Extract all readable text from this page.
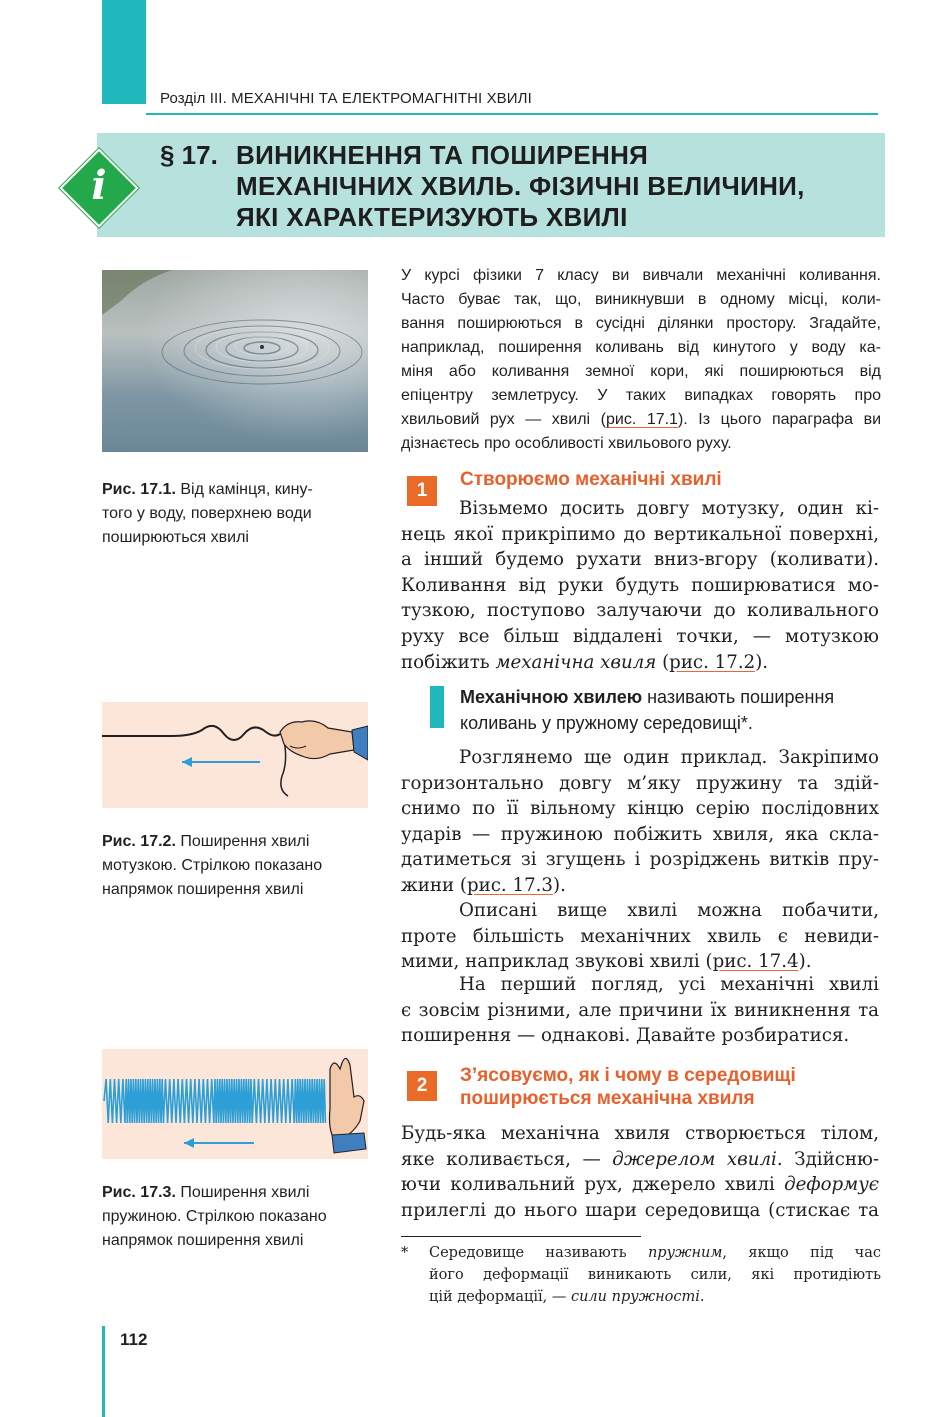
Розділ III. МЕХАНІЧНІ ТА ЕЛЕКТРОМАГНІТНІ ХВИЛІ
i
§ 17. ВИНИКНЕННЯ ТА ПОШИРЕННЯ
МЕХАНІЧНИХ ХВИЛЬ. ФІЗИЧНІ ВЕЛИЧИНИ,
ЯКІ ХАРАКТЕРИЗУЮТЬ ХВИЛІ
Рис. 17.1. Від камінця, кину-
того у воду, поверхнею води
поширюються хвилі
Рис. 17.2. Поширення хвилі
мотузкою. Стрілкою показано
напрямок поширення хвилі
Рис. 17.3. Поширення хвилі
пружиною. Стрілкою показано
напрямок поширення хвилі
У курсі фізики 7 класу ви вивчали механічні коливання.
Часто буває так, що, виникнувши в одному місці, коли-
вання поширюються в сусідні ділянки простору. Згадайте,
наприклад, поширення коливань від кинутого у воду ка-
міня або коливання земної кори, які поширюються від
епіцентру землетрусу. У таких випадках говорять про
хвильовий рух — хвилі (рис. 17.1). Із цього параграфа ви
дізнаєтесь про особливості хвильового руху.
1
Створюємо механічні хвилі
Візьмемо досить довгу мотузку, один кі-
нець якої прикріпимо до вертикальної поверхні,
а інший будемо рухати вниз-вгору (коливати).
Коливання від руки будуть поширюватися мо-
тузкою, поступово залучаючи до коливального
руху все більш віддалені точки, — мотузкою
побіжить механічна хвиля (рис. 17.2).
Механічною хвилею називають поширення
коливань у пружному середовищі*.
Розглянемо ще один приклад. Закріпимо
горизонтально довгу м’яку пружину та здій-
снимо по її вільному кінцю серію послідовних
ударів — пружиною побіжить хвиля, яка скла-
датиметься зі згущень і розріджень витків пру-
жини (рис. 17.3).
Описані вище хвилі можна побачити,
проте більшість механічних хвиль є невиди-
мими, наприклад звукові хвилі (рис. 17.4).
На перший погляд, усі механічні хвилі
є зовсім різними, але причини їх виникнення та
поширення — однакові. Давайте розбиратися.
2	З’ясовуємо, як і чому в середовищі
поширюється механічна хвиля
Будь-яка механічна хвиля створюється тілом,
яке коливається, — джерелом хвилі. Здійсню-
ючи коливальний рух, джерело хвилі деформує
прилеглі до нього шари середовища (стискає та
*	Середовище називають пружним, якщо під час
його деформації виникають сили, які протидіють
цій деформації, — сили пружності.
112
